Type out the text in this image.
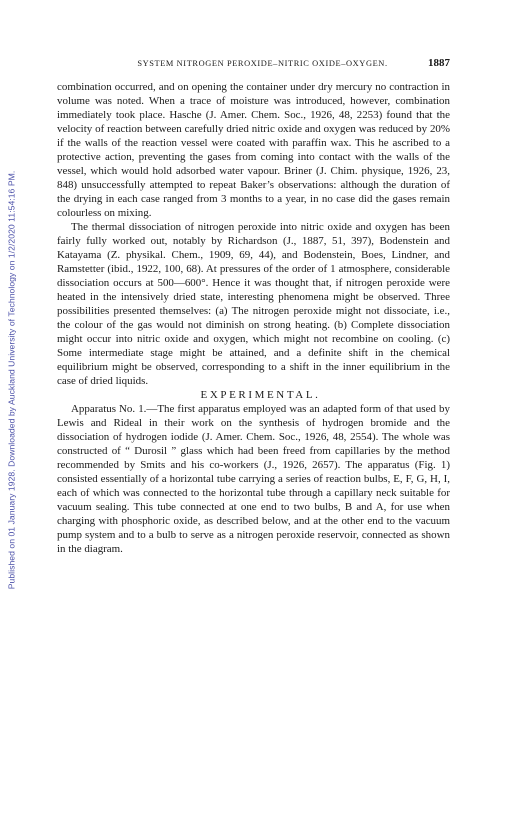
Published on 01 January 1928. Downloaded by Auckland University of Technology on 1/2/2020 11:54:16 PM.
SYSTEM NITROGEN PEROXIDE–NITRIC OXIDE–OXYGEN.	1887

combination occurred, and on opening the container under dry mercury no contraction in volume was noted. When a trace of moisture was introduced, however, combination immediately took place. Hasche (J. Amer. Chem. Soc., 1926, 48, 2253) found that the velocity of reaction between carefully dried nitric oxide and oxygen was reduced by 20% if the walls of the reaction vessel were coated with paraffin wax. This he ascribed to a protective action, preventing the gases from coming into contact with the walls of the vessel, which would hold adsorbed water vapour. Briner (J. Chim. physique, 1926, 23, 848) unsuccessfully attempted to repeat Baker’s observations: although the duration of the drying in each case ranged from 3 months to a year, in no case did the gases remain colourless on mixing.

The thermal dissociation of nitrogen peroxide into nitric oxide and oxygen has been fairly fully worked out, notably by Richardson (J., 1887, 51, 397), Bodenstein and Katayama (Z. physikal. Chem., 1909, 69, 44), and Bodenstein, Boes, Lindner, and Ramstetter (ibid., 1922, 100, 68). At pressures of the order of 1 atmosphere, considerable dissociation occurs at 500—600°. Hence it was thought that, if nitrogen peroxide were heated in the intensively dried state, interesting phenomena might be observed. Three possibilities presented themselves: (a) The nitrogen peroxide might not dissociate, i.e., the colour of the gas would not diminish on strong heating. (b) Complete dissociation might occur into nitric oxide and oxygen, which might not recombine on cooling. (c) Some intermediate stage might be attained, and a definite shift in the chemical equilibrium might be observed, corresponding to a shift in the inner equilibrium in the case of dried liquids.

EXPERIMENTAL.

Apparatus No. 1.—The first apparatus employed was an adapted form of that used by Lewis and Rideal in their work on the synthesis of hydrogen bromide and the dissociation of hydrogen iodide (J. Amer. Chem. Soc., 1926, 48, 2554). The whole was constructed of “ Durosil ” glass which had been freed from capillaries by the method recommended by Smits and his co-workers (J., 1926, 2657). The apparatus (Fig. 1) consisted essentially of a horizontal tube carrying a series of reaction bulbs, E, F, G, H, I, each of which was connected to the horizontal tube through a capillary neck suitable for vacuum sealing. This tube connected at one end to two bulbs, B and A, for use when charging with phosphoric oxide, as described below, and at the other end to the vacuum pump system and to a bulb to serve as a nitrogen peroxide reservoir, connected as shown in the diagram.
